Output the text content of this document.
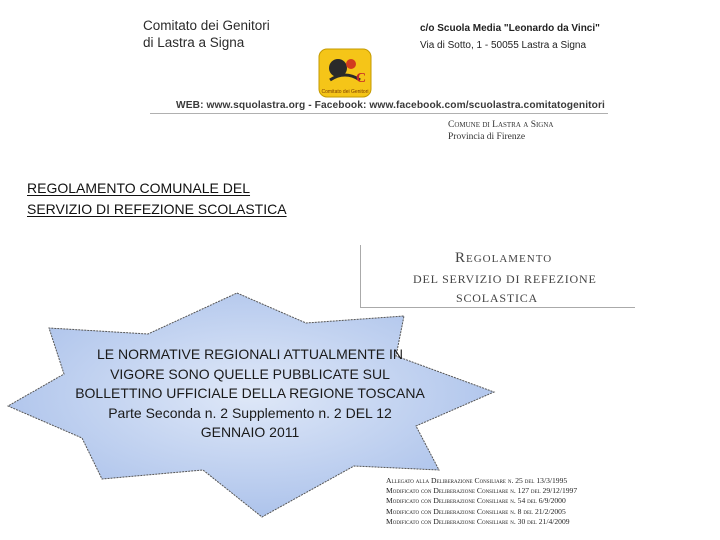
Comitato dei Genitori
di Lastra a Signa
c/o Scuola Media "Leonardo da Vinci"
Via di Sotto, 1 - 50055 Lastra a Signa
C
Comitato dei Genitori
WEB: www.squolastra.org - Facebook: www.facebook.com/scuolastra.comitatogenitori
Comune di Lastra a Signa
Provincia di Firenze
REGOLAMENTO COMUNALE DEL
SERVIZIO DI REFEZIONE SCOLASTICA
Regolamento
DEL SERVIZIO DI REFEZIONE
SCOLASTICA
LE NORMATIVE REGIONALI ATTUALMENTE IN
VIGORE SONO QUELLE PUBBLICATE SUL
BOLLETTINO UFFICIALE DELLA REGIONE TOSCANA
Parte Seconda n. 2 Supplemento n. 2 DEL 12
GENNAIO 2011
Allegato alla Deliberazione Consiliare n. 25 del 13/3/1995
Modificato con Deliberazione Consiliare n. 127 del 29/12/1997
Modificato con Deliberazione Consiliare n. 54 del 6/9/2000
Modificato con Deliberazione Consiliare n. 8 del 21/2/2005
Modificato con Deliberazione Consiliare n. 30 del 21/4/2009
